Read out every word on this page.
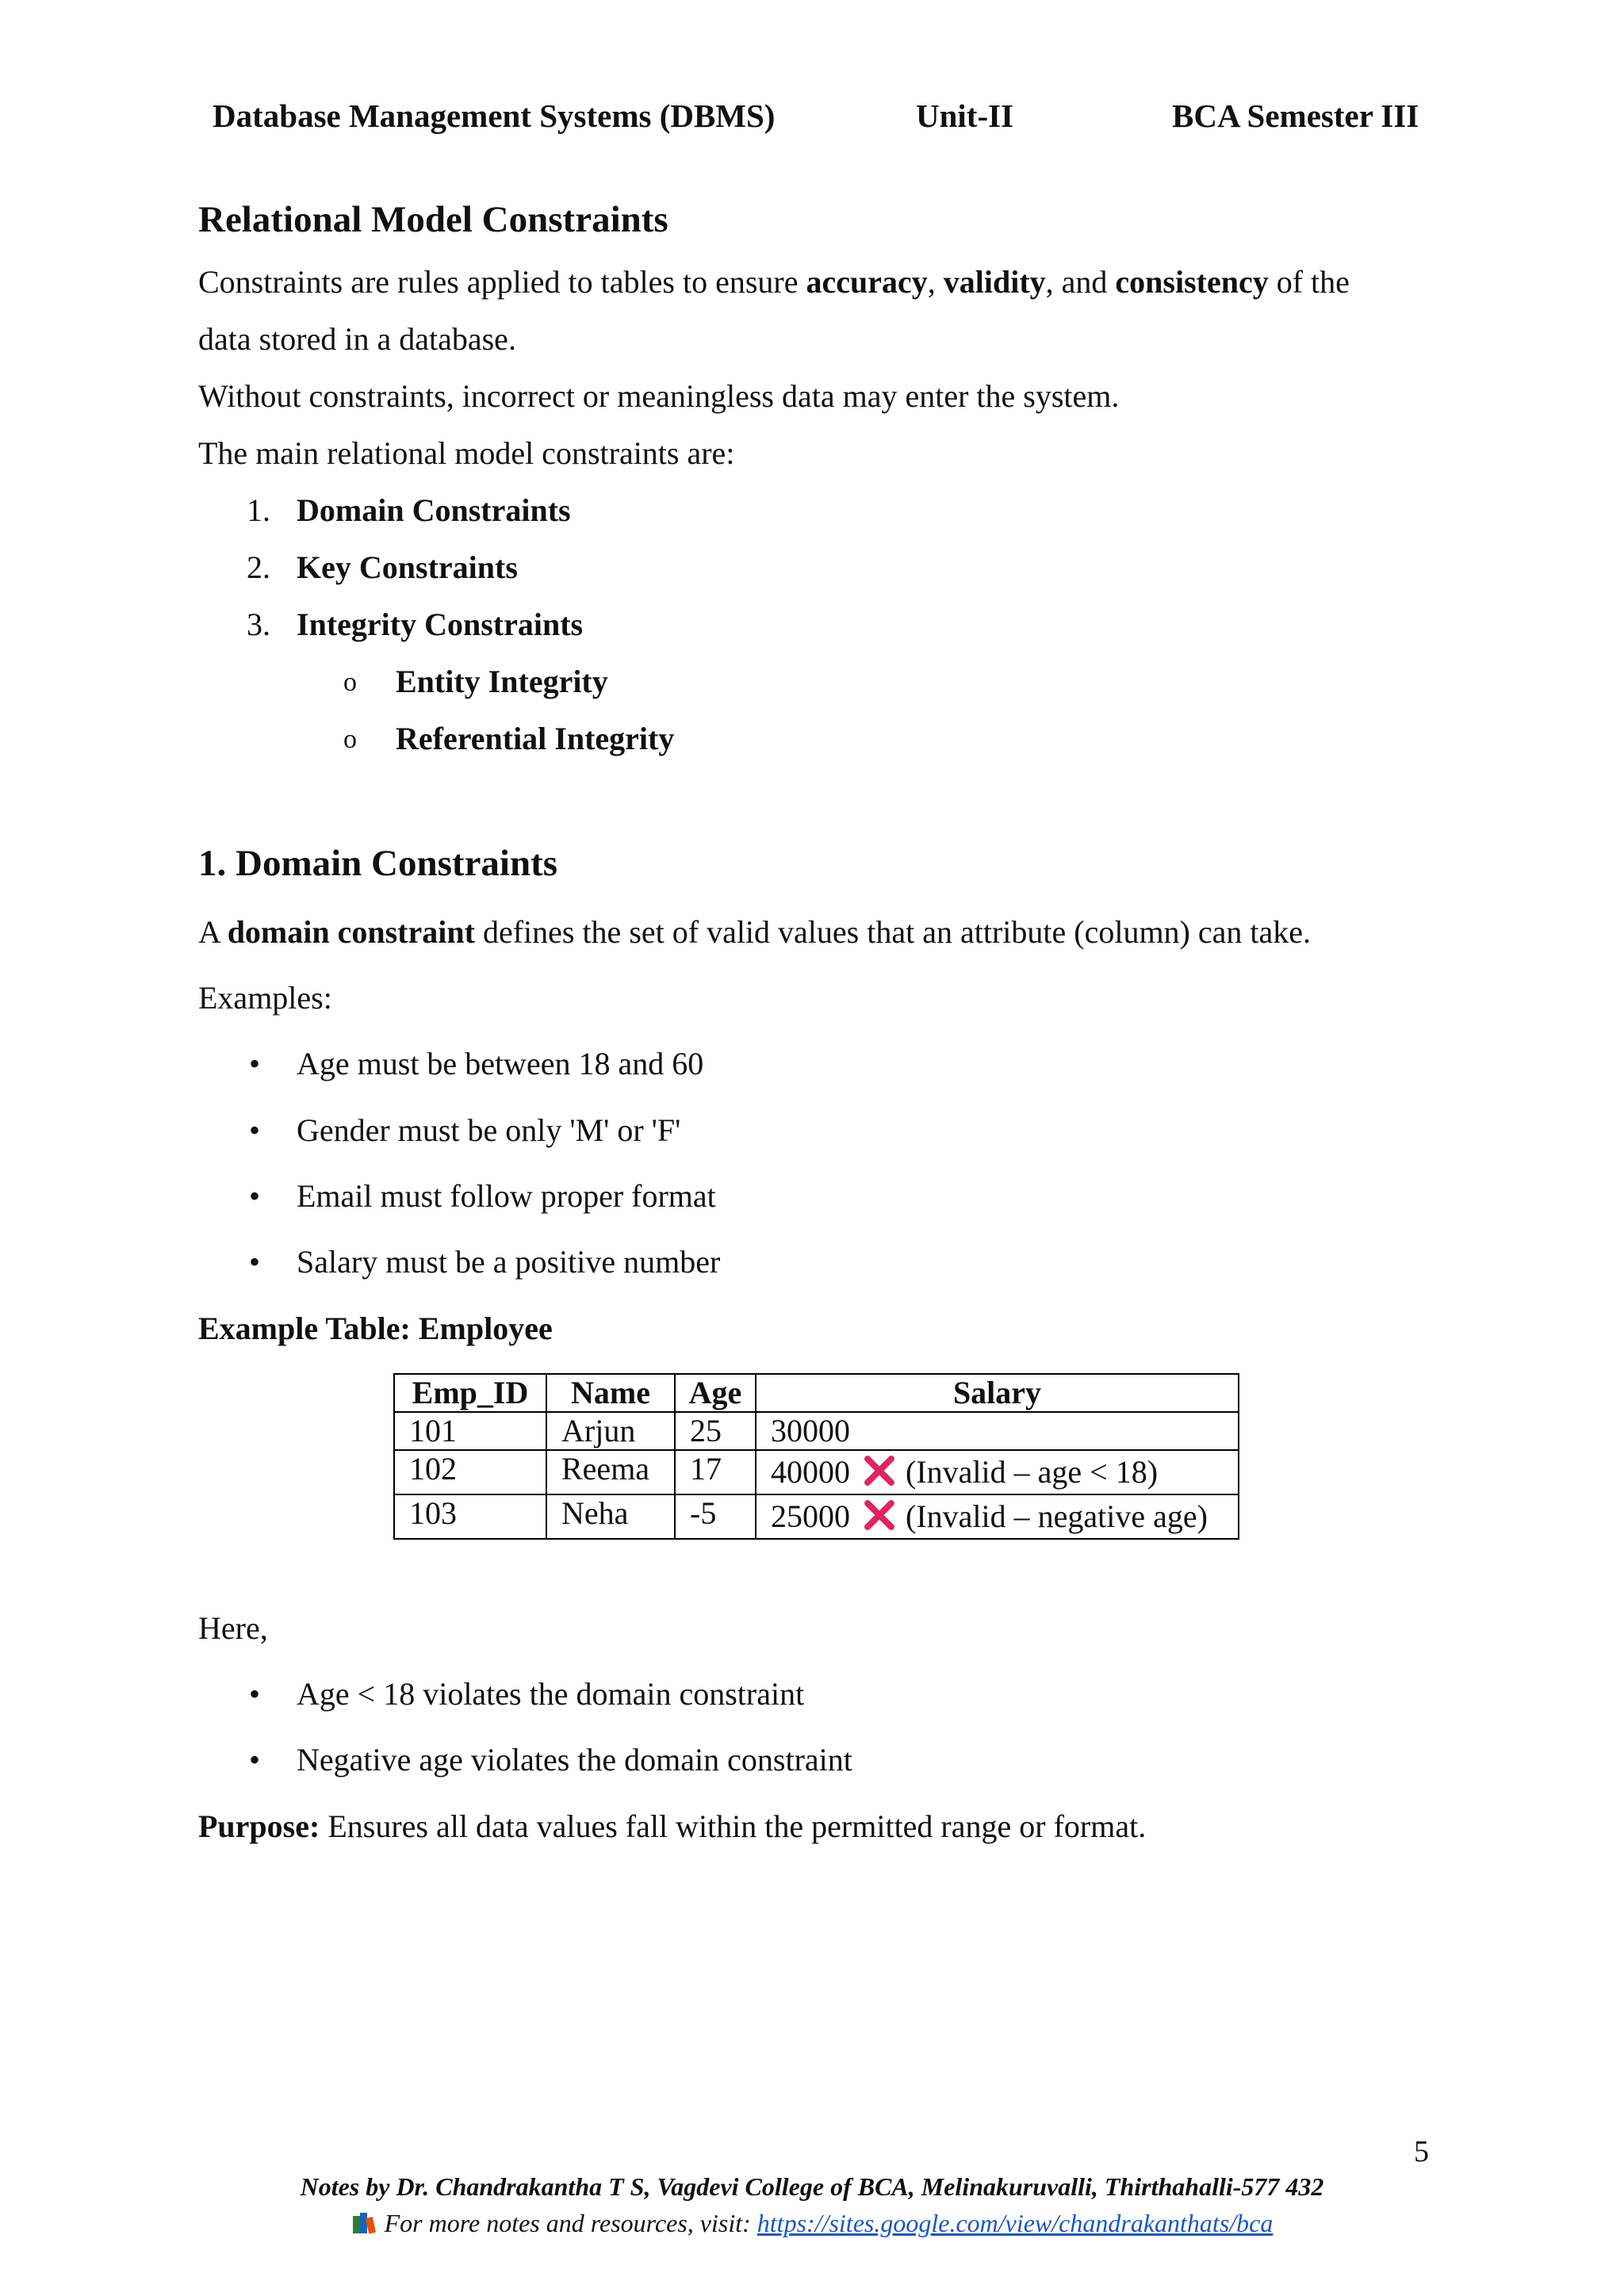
Database Management Systems (DBMS)	Unit-II	BCA Semester III
Relational Model Constraints
Constraints are rules applied to tables to ensure accuracy, validity, and consistency of the
data stored in a database.
Without constraints, incorrect or meaningless data may enter the system.
The main relational model constraints are:
1. Domain Constraints
2. Key Constraints
3. Integrity Constraints
o Entity Integrity
o Referential Integrity
1. Domain Constraints
A domain constraint defines the set of valid values that an attribute (column) can take.
Examples:
• Age must be between 18 and 60
• Gender must be only 'M' or 'F'
• Email must follow proper format
• Salary must be a positive number
Example Table: Employee
Emp_ID	Name	Age	Salary
101	Arjun	25	30000
102	Reema	17	40000 (Invalid – age < 18)
103	Neha	-5	25000 (Invalid – negative age)
Here,
• Age < 18 violates the domain constraint
• Negative age violates the domain constraint
Purpose: Ensures all data values fall within the permitted range or format.
5
Notes by Dr. Chandrakantha T S, Vagdevi College of BCA, Melinakuruvalli, Thirthahalli-577 432
For more notes and resources, visit: https://sites.google.com/view/chandrakanthats/bca
